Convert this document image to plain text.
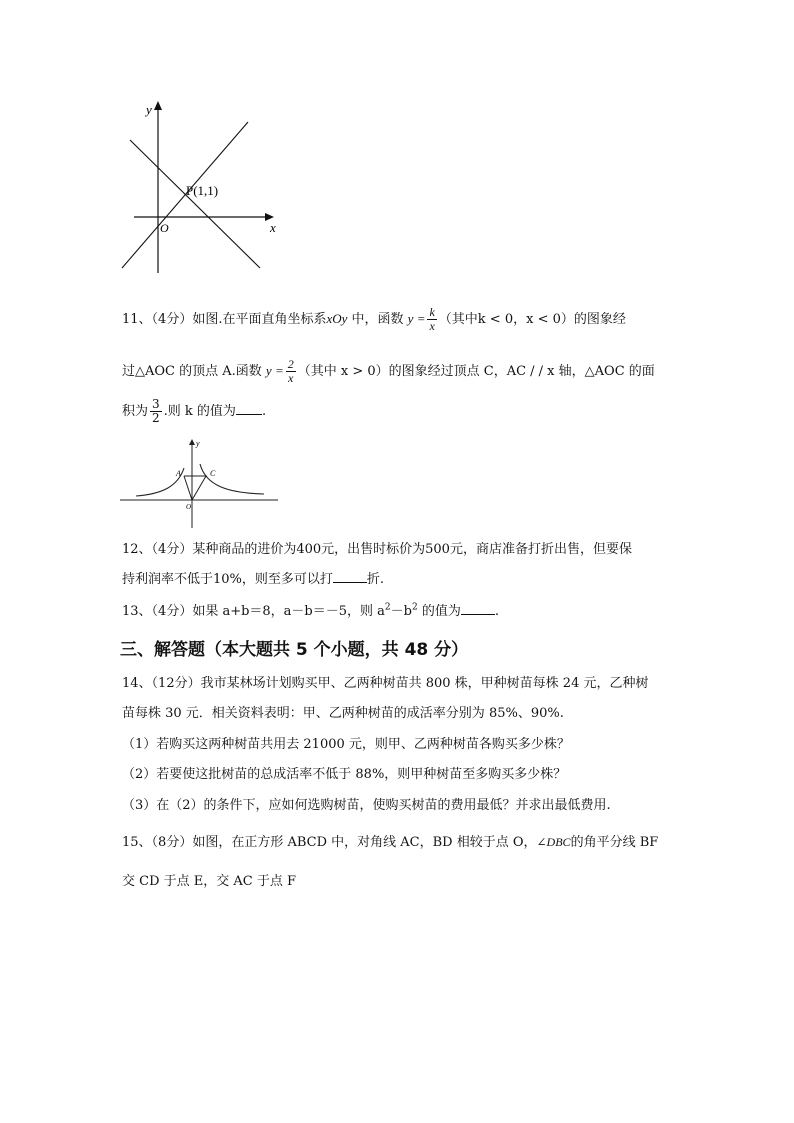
y
x
O
P(1,1)
11、（4分）如图.在平面直角坐标系xOy 中，函数 $y = \frac{k}{x}$ （其中k < 0，x < 0）的图象经
过△AOC 的顶点 A.函数 $y = \frac{2}{x}$ （其中 x > 0）的图象经过顶点 C，AC / / x 轴，△AOC 的面
积为 $\frac{3}{2}$ .则 k 的值为 .
y
A	C
O
12、（4分）某种商品的进价为400元，出售时标价为500元，商店准备打折出售，但要保
持利润率不低于10%，则至多可以打	折.
13、（4分）如果 a+b＝8，a－b＝－5，则 $a^2-b^2$ 的值为	.
三、解答题（本大题共 5 个小题，共 48 分）
14、（12分）我市某林场计划购买甲、乙两种树苗共 800 株，甲种树苗每株 24 元，乙种树
苗每株 30 元．相关资料表明：甲、乙两种树苗的成活率分别为 85%、90%.
（1）若购买这两种树苗共用去 21000 元，则甲、乙两种树苗各购买多少株？
（2）若要使这批树苗的总成活率不低于 88%，则甲种树苗至多购买多少株？
（3）在（2）的条件下，应如何选购树苗，使购买树苗的费用最低？并求出最低费用.
15、（8分）如图，在正方形 ABCD 中，对角线 AC，BD 相较于点 O，∠DBC的角平分线 BF
交 CD 于点 E，交 AC 于点 F
